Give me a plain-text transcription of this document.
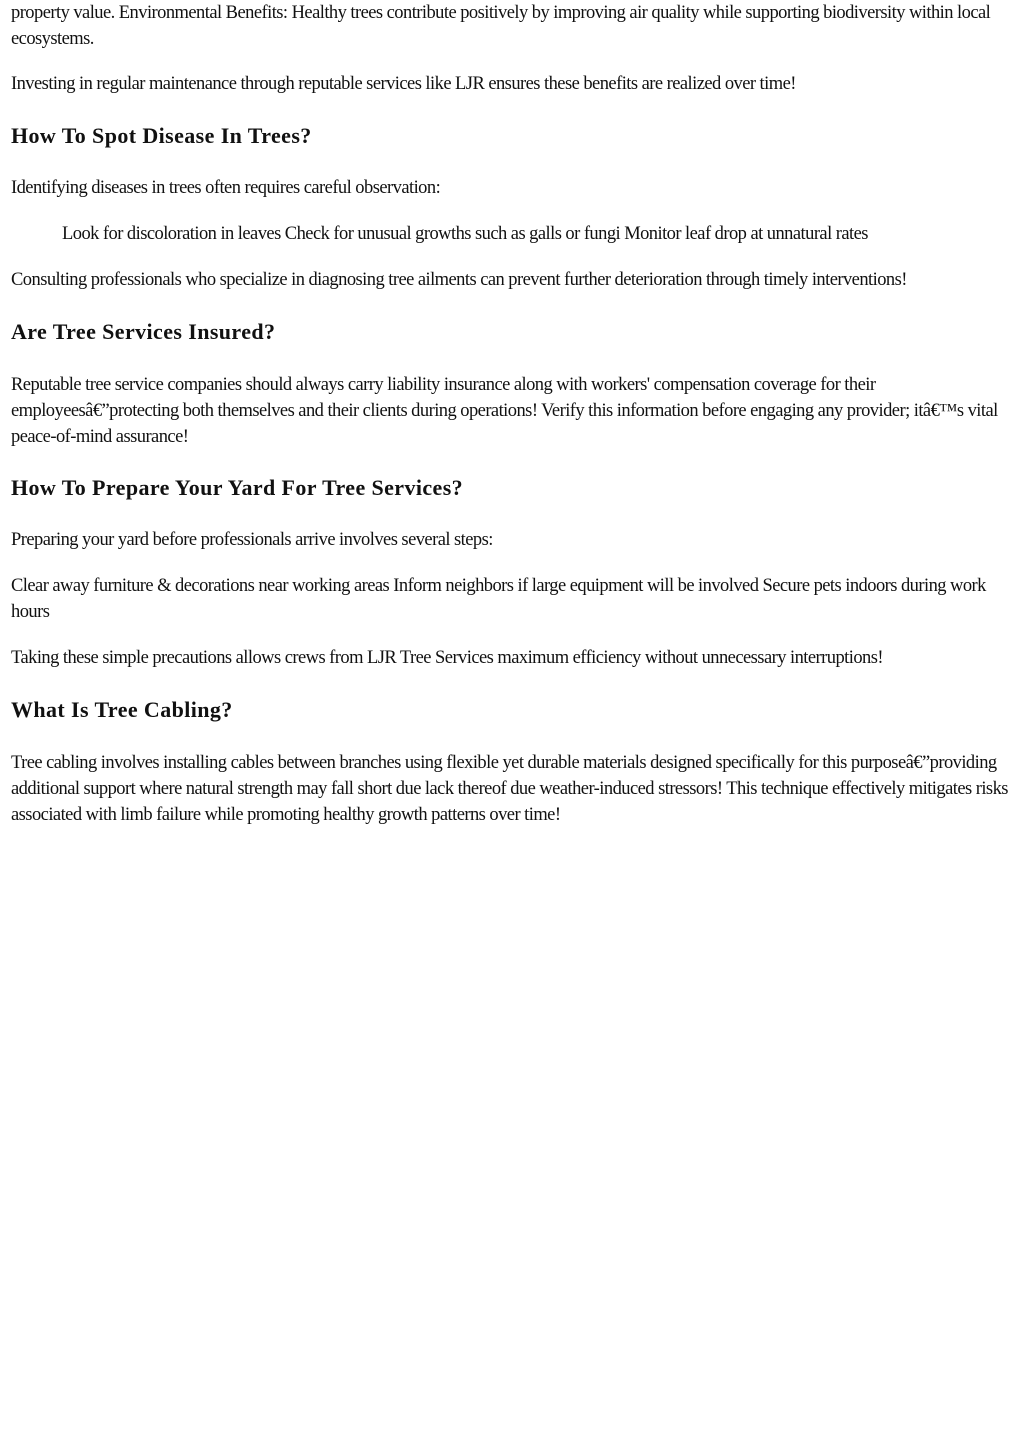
property value. Environmental Benefits: Healthy trees contribute positively by improving air quality while supporting biodiversity within local ecosystems.

Investing in regular maintenance through reputable services like LJR ensures these benefits are realized over time!

How To Spot Disease In Trees?

Identifying diseases in trees often requires careful observation:

Look for discoloration in leaves Check for unusual growths such as galls or fungi Monitor leaf drop at unnatural rates

Consulting professionals who specialize in diagnosing tree ailments can prevent further deterioration through timely interventions!

Are Tree Services Insured?

Reputable tree service companies should always carry liability insurance along with workers' compensation coverage for their employeesâ€”protecting both themselves and their clients during operations! Verify this information before engaging any provider; itâ€™s vital peace-of-mind assurance!

How To Prepare Your Yard For Tree Services?

Preparing your yard before professionals arrive involves several steps:

Clear away furniture & decorations near working areas Inform neighbors if large equipment will be involved Secure pets indoors during work hours

Taking these simple precautions allows crews from LJR Tree Services maximum efficiency without unnecessary interruptions!

What Is Tree Cabling?

Tree cabling involves installing cables between branches using flexible yet durable materials designed specifically for this purposeâ€”providing additional support where natural strength may fall short due lack thereof due weather-induced stressors! This technique effectively mitigates risks associated with limb failure while promoting healthy growth patterns over time!
